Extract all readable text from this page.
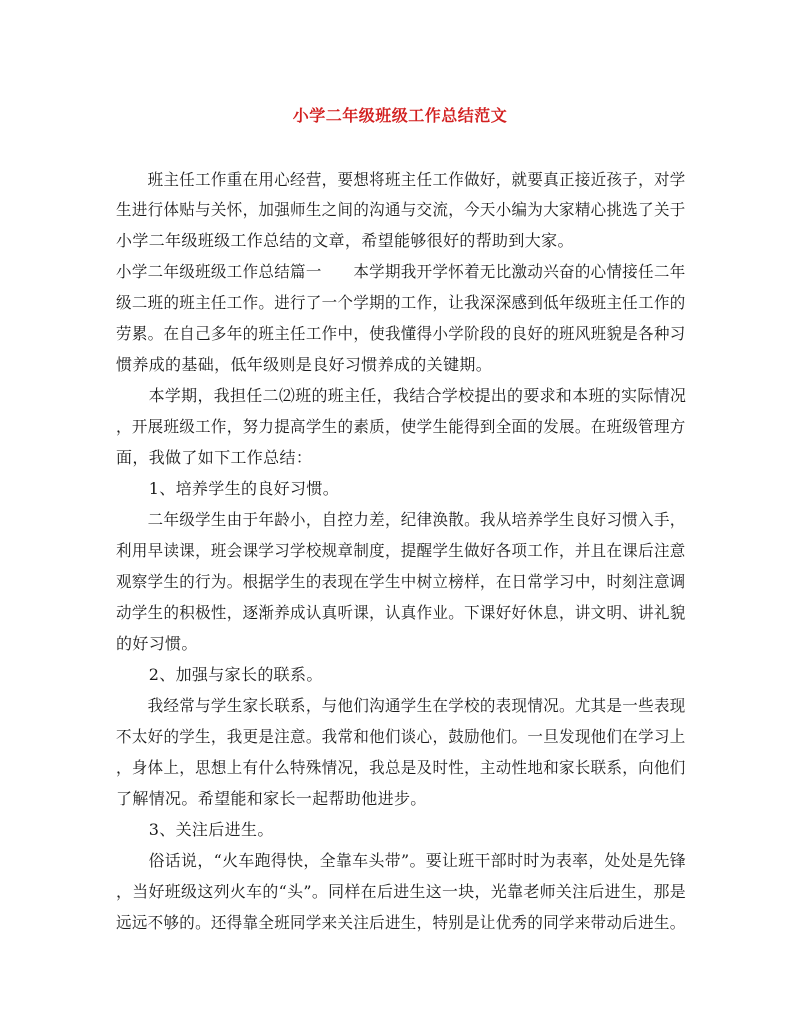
小学二年级班级工作总结范文
　　班主任工作重在用心经营，要想将班主任工作做好，就要真正接近孩子，对学
生进行体贴与关怀，加强师生之间的沟通与交流，今天小编为大家精心挑选了关于
小学二年级班级工作总结的文章，希望能够很好的帮助到大家。
小学二年级班级工作总结篇一　　本学期我开学怀着无比激动兴奋的心情接任二年
级二班的班主任工作。进行了一个学期的工作，让我深深感到低年级班主任工作的
劳累。在自己多年的班主任工作中，使我懂得小学阶段的良好的班风班貌是各种习
惯养成的基础，低年级则是良好习惯养成的关键期。
　　本学期，我担任二⑵班的班主任，我结合学校提出的要求和本班的实际情况
，开展班级工作，努力提高学生的素质，使学生能得到全面的发展。在班级管理方
面，我做了如下工作总结：
　　1、培养学生的良好习惯。
　　二年级学生由于年龄小，自控力差，纪律涣散。我从培养学生良好习惯入手，
利用早读课，班会课学习学校规章制度，提醒学生做好各项工作，并且在课后注意
观察学生的行为。根据学生的表现在学生中树立榜样，在日常学习中，时刻注意调
动学生的积极性，逐渐养成认真听课，认真作业。下课好好休息，讲文明、讲礼貌
的好习惯。
　　2、加强与家长的联系。
　　我经常与学生家长联系，与他们沟通学生在学校的表现情况。尤其是一些表现
不太好的学生，我更是注意。我常和他们谈心，鼓励他们。一旦发现他们在学习上
，身体上，思想上有什么特殊情况，我总是及时性，主动性地和家长联系，向他们
了解情况。希望能和家长一起帮助他进步。
　　3、关注后进生。
　　俗话说，“火车跑得快，全靠车头带”。要让班干部时时为表率，处处是先锋
，当好班级这列火车的“头”。同样在后进生这一块，光靠老师关注后进生，那是
远远不够的。还得靠全班同学来关注后进生，特别是让优秀的同学来带动后进生。
